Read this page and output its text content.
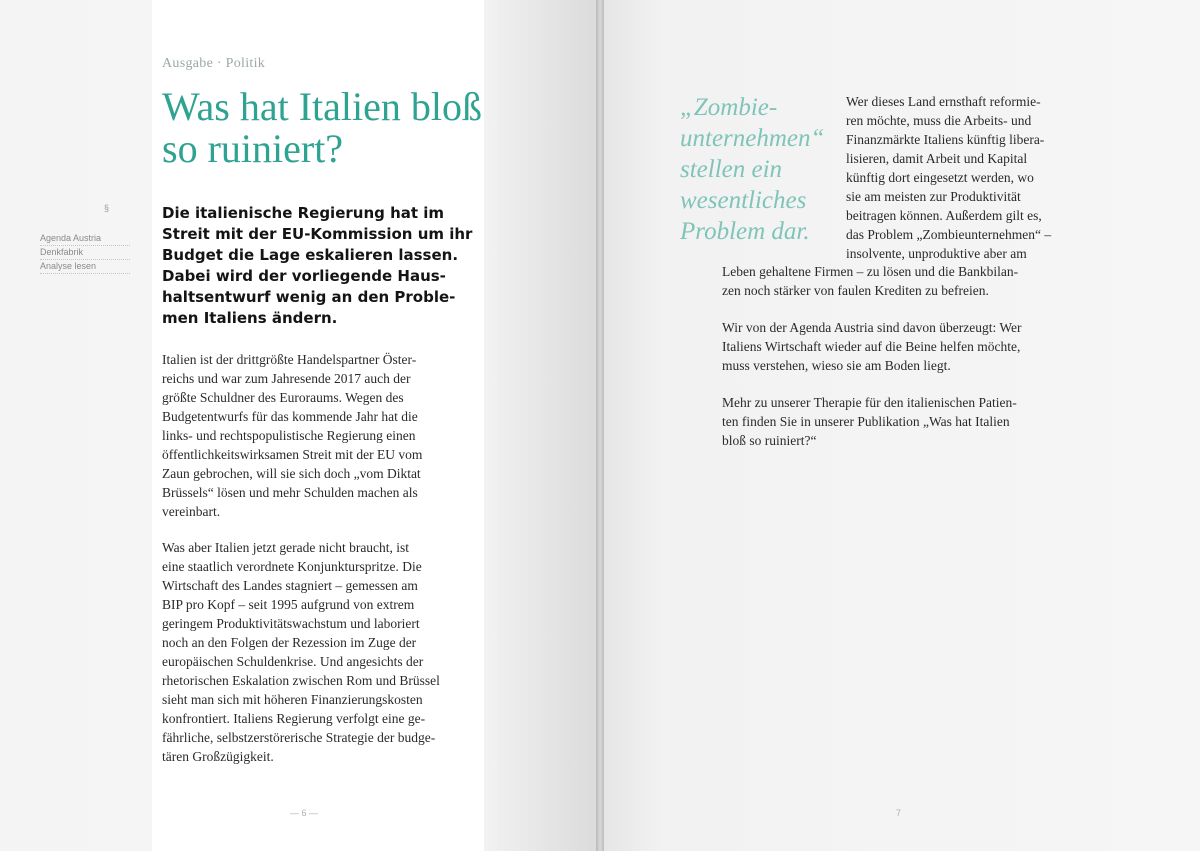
Ausgabe · Politik
Was hat Italien bloß
so ruiniert?
§
Agenda Austria
Denkfabrik
Analyse lesen
Die italienische Regierung hat im
Streit mit der EU-Kommission um ihr
Budget die Lage eskalieren lassen.
Dabei wird der vorliegende Haus-
haltsentwurf wenig an den Proble-
men Italiens ändern.
Italien ist der drittgrößte Handelspartner Öster-
reichs und war zum Jahresende 2017 auch der
größte Schuldner des Euroraums. Wegen des
Budgetentwurfs für das kommende Jahr hat die
links- und rechtspopulistische Regierung einen
öffentlichkeitswirksamen Streit mit der EU vom
Zaun gebrochen, will sie sich doch „vom Diktat
Brüssels“ lösen und mehr Schulden machen als
vereinbart.
Was aber Italien jetzt gerade nicht braucht, ist
eine staatlich verordnete Konjunkturspritze. Die
Wirtschaft des Landes stagniert – gemessen am
BIP pro Kopf – seit 1995 aufgrund von extrem
geringem Produktivitätswachstum und laboriert
noch an den Folgen der Rezession im Zuge der
europäischen Schuldenkrise. Und angesichts der
rhetorischen Eskalation zwischen Rom und Brüssel
sieht man sich mit höheren Finanzierungskosten
konfrontiert. Italiens Regierung verfolgt eine ge-
fährliche, selbstzerstörerische Strategie der budge-
tären Großzügigkeit.
— 6 —
„Zombie-
unternehmen“
stellen ein
wesentliches
Problem dar.
Wer dieses Land ernsthaft reformie-
ren möchte, muss die Arbeits- und
Finanzmärkte Italiens künftig liberа-
lisieren, damit Arbeit und Kapital
künftig dort eingesetzt werden, wo
sie am meisten zur Produktivität
beitragen können. Außerdem gilt es,
das Problem „Zombieunternehmen“ –
insolvente, unproduktive aber am
Leben gehaltene Firmen – zu lösen und die Bankbilan-
zen noch stärker von faulen Krediten zu befreien.
Wir von der Agenda Austria sind davon überzeugt: Wer
Italiens Wirtschaft wieder auf die Beine helfen möchte,
muss verstehen, wieso sie am Boden liegt.
Mehr zu unserer Therapie für den italienischen Patien-
ten finden Sie in unserer Publikation „Was hat Italien
bloß so ruiniert?“
7
